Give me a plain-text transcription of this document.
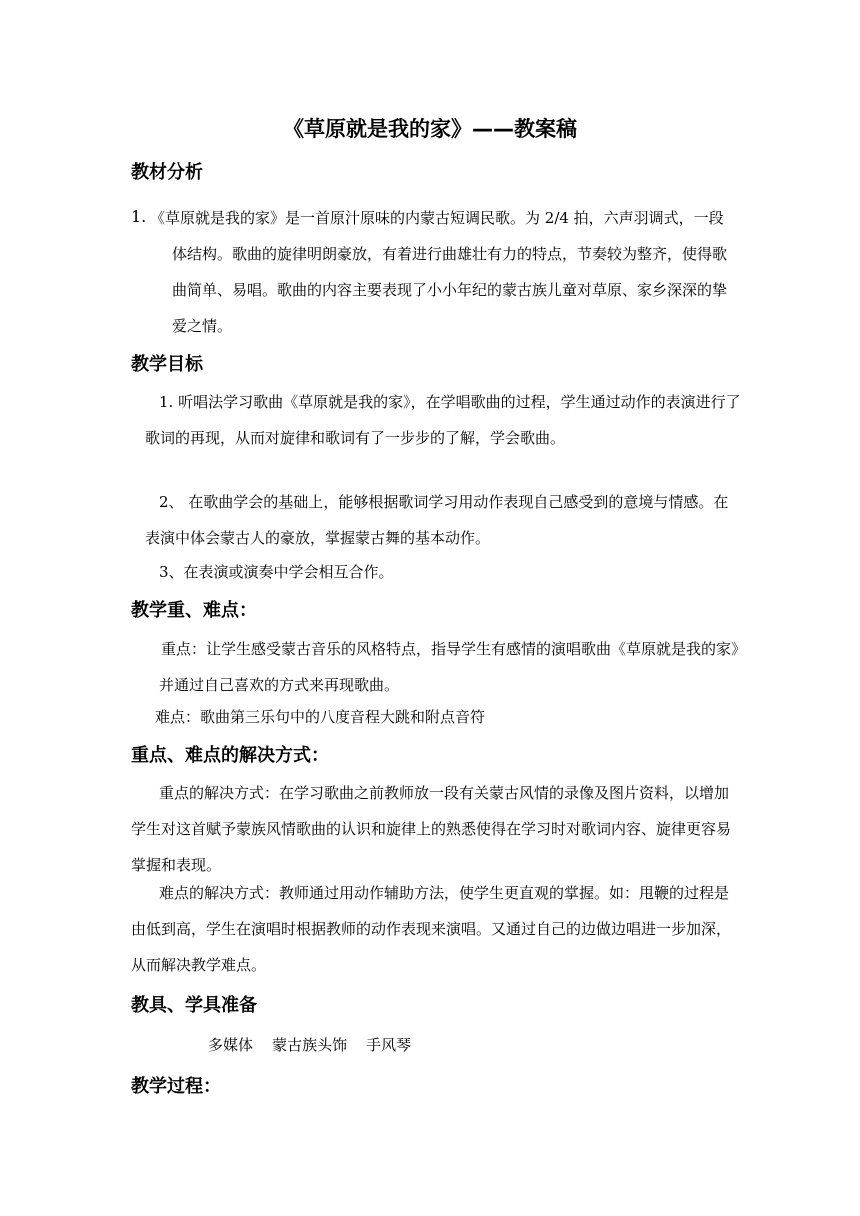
《草原就是我的家》——教案稿
教材分析
1. 《草原就是我的家》是一首原汁原味的内蒙古短调民歌。为 2/4 拍，六声羽调式，一段体结构。歌曲的旋律明朗豪放，有着进行曲雄壮有力的特点，节奏较为整齐，使得歌曲简单、易唱。歌曲的内容主要表现了小小年纪的蒙古族儿童对草原、家乡深深的挚爱之情。
教学目标
1. 听唱法学习歌曲《草原就是我的家》，在学唱歌曲的过程，学生通过动作的表演进行了歌词的再现，从而对旋律和歌词有了一步步的了解，学会歌曲。
2、 在歌曲学会的基础上，能够根据歌词学习用动作表现自己感受到的意境与情感。在表演中体会蒙古人的豪放，掌握蒙古舞的基本动作。
3、在表演或演奏中学会相互合作。
教学重、难点：
重点：让学生感受蒙古音乐的风格特点，指导学生有感情的演唱歌曲《草原就是我的家》并通过自己喜欢的方式来再现歌曲。
难点：歌曲第三乐句中的八度音程大跳和附点音符
重点、难点的解决方式：
重点的解决方式：在学习歌曲之前教师放一段有关蒙古风情的录像及图片资料，以增加学生对这首赋予蒙族风情歌曲的认识和旋律上的熟悉使得在学习时对歌词内容、旋律更容易掌握和表现。
难点的解决方式：教师通过用动作辅助方法，使学生更直观的掌握。如：甩鞭的过程是由低到高，学生在演唱时根据教师的动作表现来演唱。又通过自己的边做边唱进一步加深，从而解决教学难点。
教具、学具准备
多媒体    蒙古族头饰    手风琴
教学过程：
